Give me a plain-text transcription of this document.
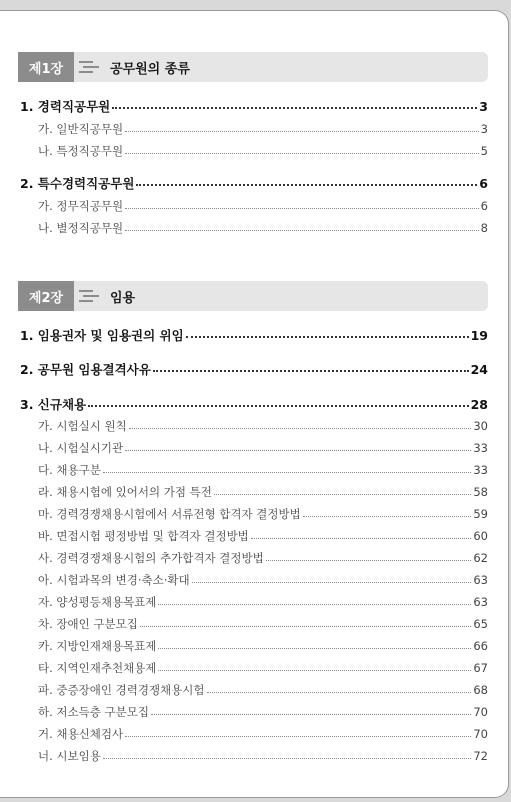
제1장	공무원의 종류
1. 경력직공무원	3
가. 일반직공무원	3
나. 특정직공무원	5
2. 특수경력직공무원	6
가. 정무직공무원	6
나. 별정직공무원	8
제2장	임용
1. 임용권자 및 임용권의 위임	19
2. 공무원 임용결격사유	24
3. 신규채용	28
가. 시험실시 원칙	30
나. 시험실시기관	33
다. 채용구분	33
라. 채용시험에 있어서의 가점 특전	58
마. 경력경쟁채용시험에서 서류전형 합격자 결정방법	59
바. 면접시험 평정방법 및 합격자 결정방법	60
사. 경력경쟁채용시험의 추가합격자 결정방법	62
아. 시험과목의 변경·축소·확대	63
자. 양성평등채용목표제	63
차. 장애인 구분모집	65
카. 지방인재채용목표제	66
타. 지역인재추천채용제	67
파. 중증장애인 경력경쟁채용시험	68
하. 저소득층 구분모집	70
거. 채용신체검사	70
너. 시보임용	72
